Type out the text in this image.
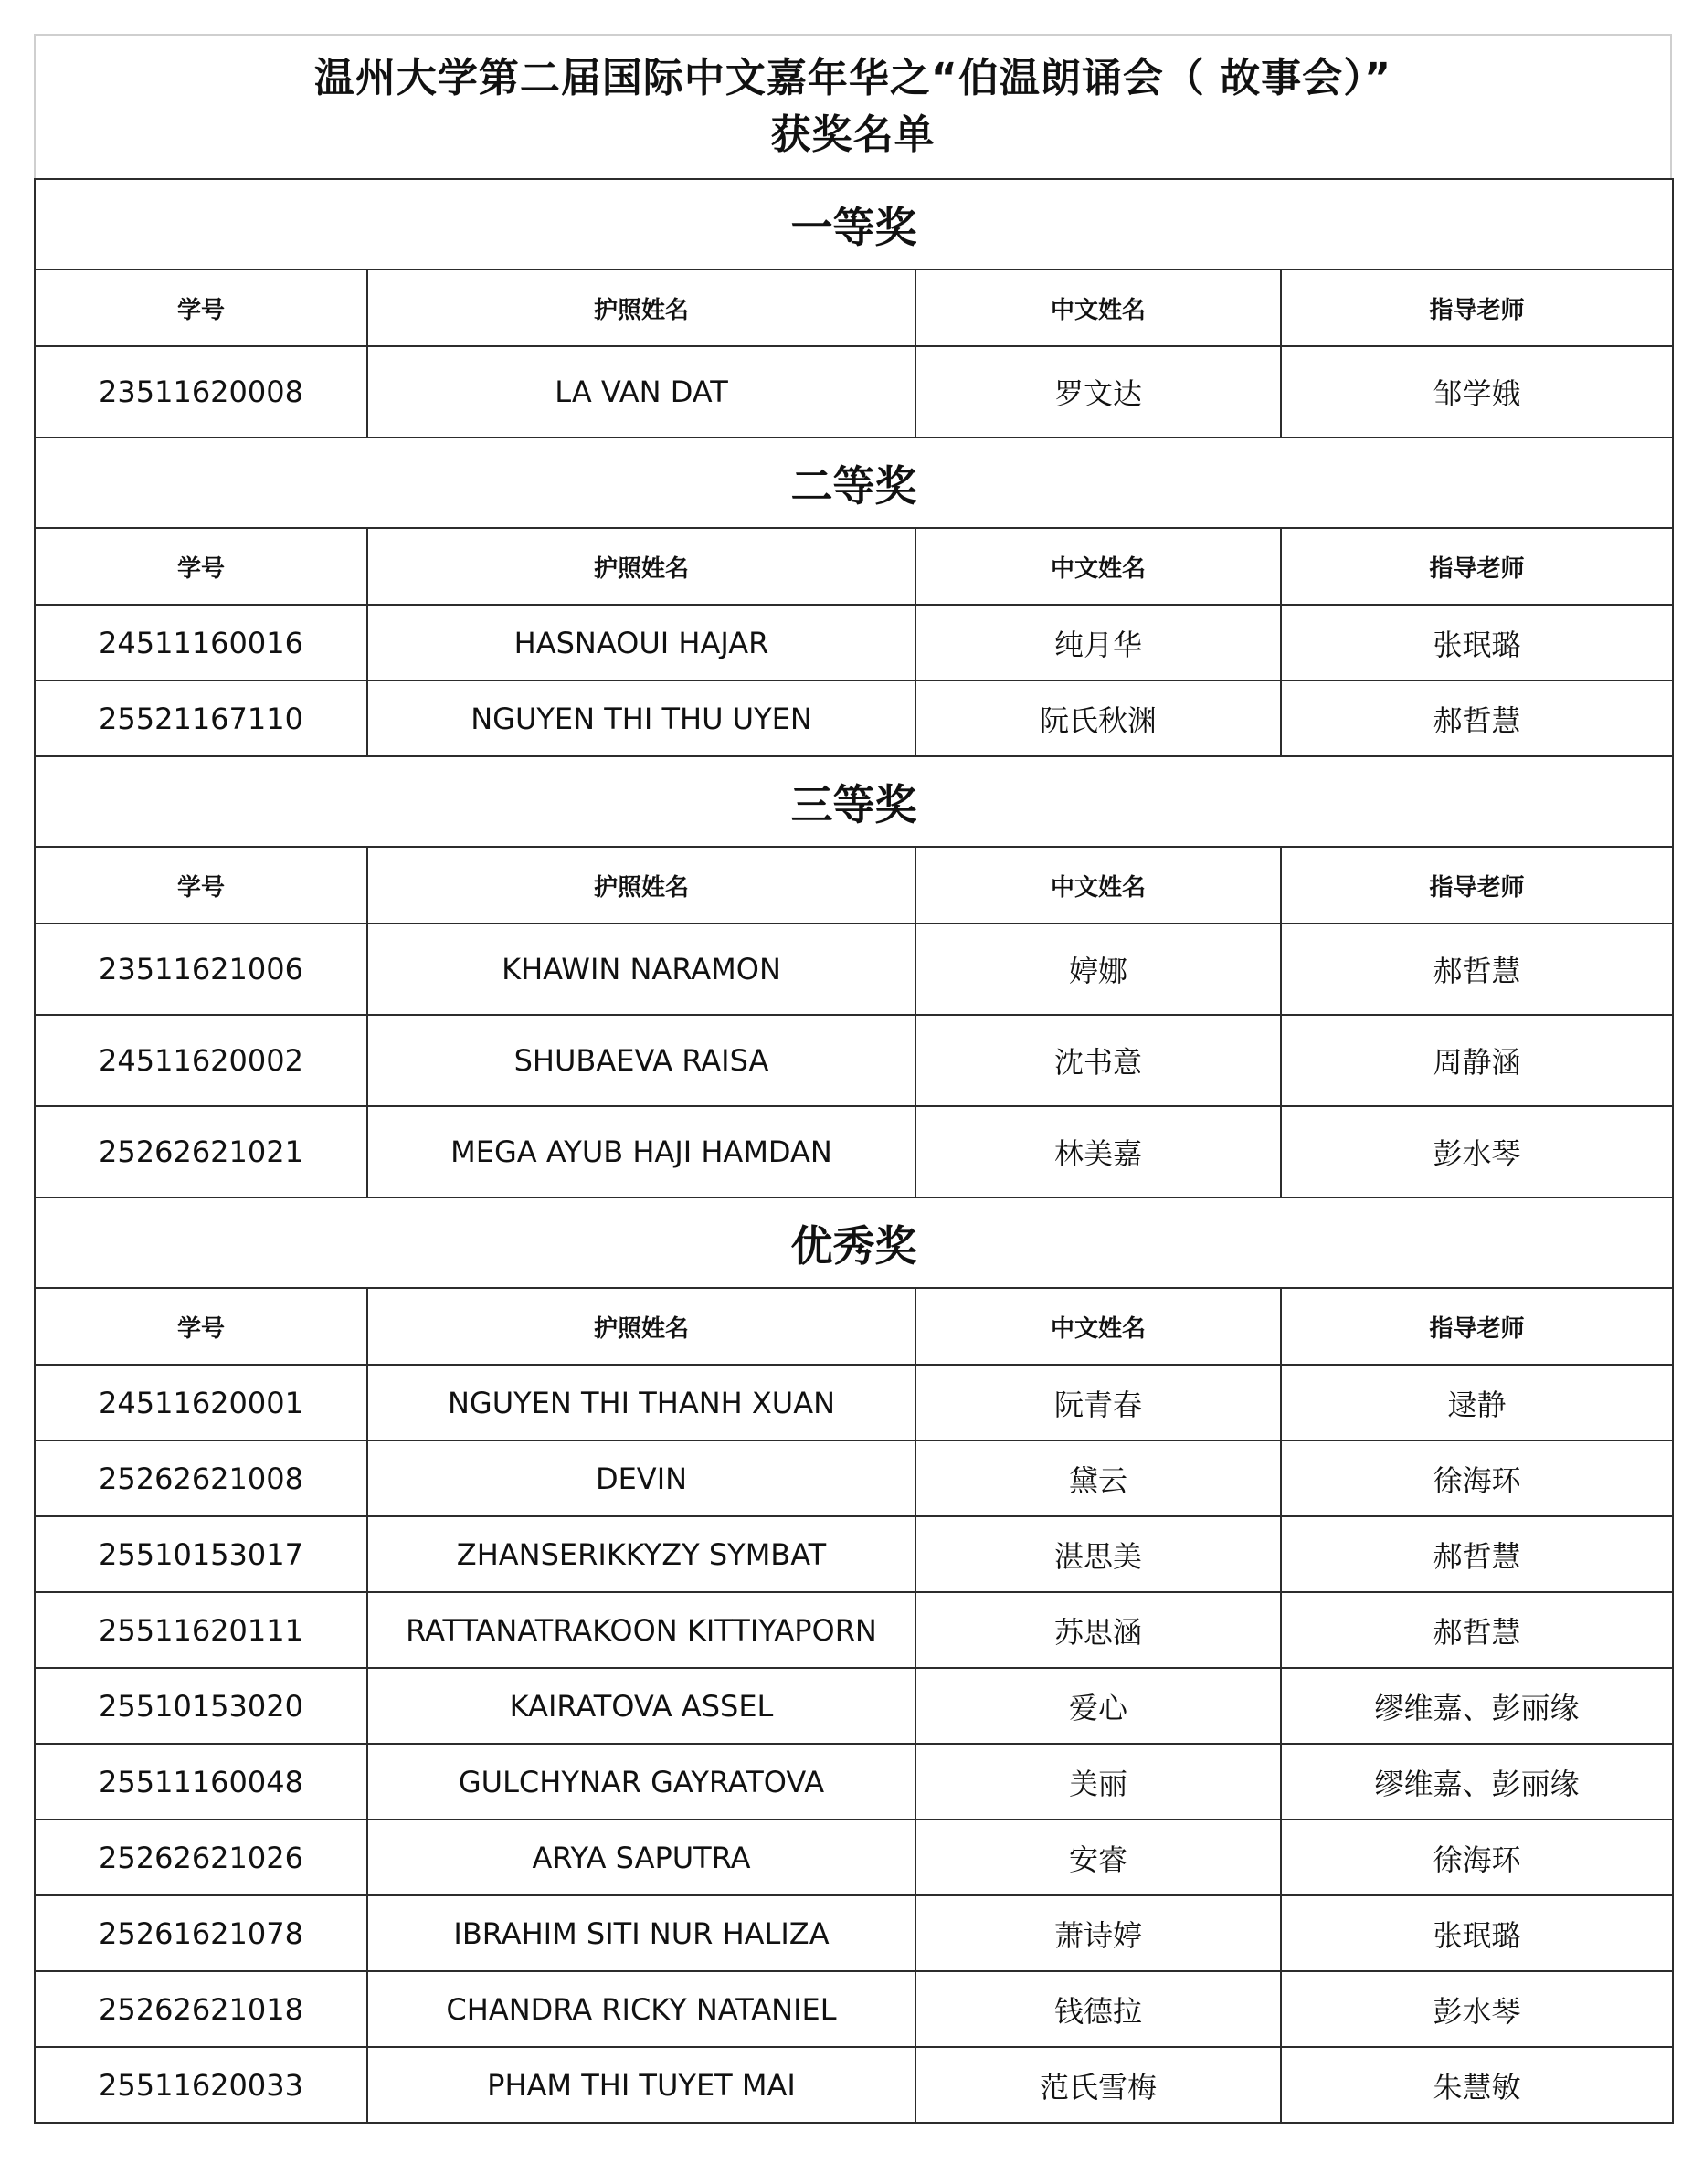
温州大学第二届国际中文嘉年华之“伯温朗诵会（ 故事会）”
获奖名单
一等奖			
学号	护照姓名	中文姓名	指导老师
23511620008	LA VAN DAT	罗文达	邹学娥
二等奖			
学号	护照姓名	中文姓名	指导老师
24511160016	HASNAOUI HAJAR	纯月华	张珉璐
25521167110	NGUYEN THI THU UYEN	阮氏秋渊	郝哲慧
三等奖			
学号	护照姓名	中文姓名	指导老师
23511621006	KHAWIN NARAMON	婷娜	郝哲慧
24511620002	SHUBAEVA RAISA	沈书意	周静涵
25262621021	MEGA AYUB HAJI HAMDAN	林美嘉	彭水琴
优秀奖			
学号	护照姓名	中文姓名	指导老师
24511620001	NGUYEN THI THANH XUAN	阮青春	逯静
25262621008	DEVIN	黛云	徐海环
25510153017	ZHANSERIKKYZY SYMBAT	湛思美	郝哲慧
25511620111	RATTANATRAKOON KITTIYAPORN	苏思涵	郝哲慧
25510153020	KAIRATOVA ASSEL	爱心	缪维嘉、彭丽缘
25511160048	GULCHYNAR GAYRATOVA	美丽	缪维嘉、彭丽缘
25262621026	ARYA SAPUTRA	安睿	徐海环
25261621078	IBRAHIM SITI NUR HALIZA	萧诗婷	张珉璐
25262621018	CHANDRA RICKY NATANIEL	钱德拉	彭水琴
25511620033	PHAM THI TUYET MAI	范氏雪梅	朱慧敏
